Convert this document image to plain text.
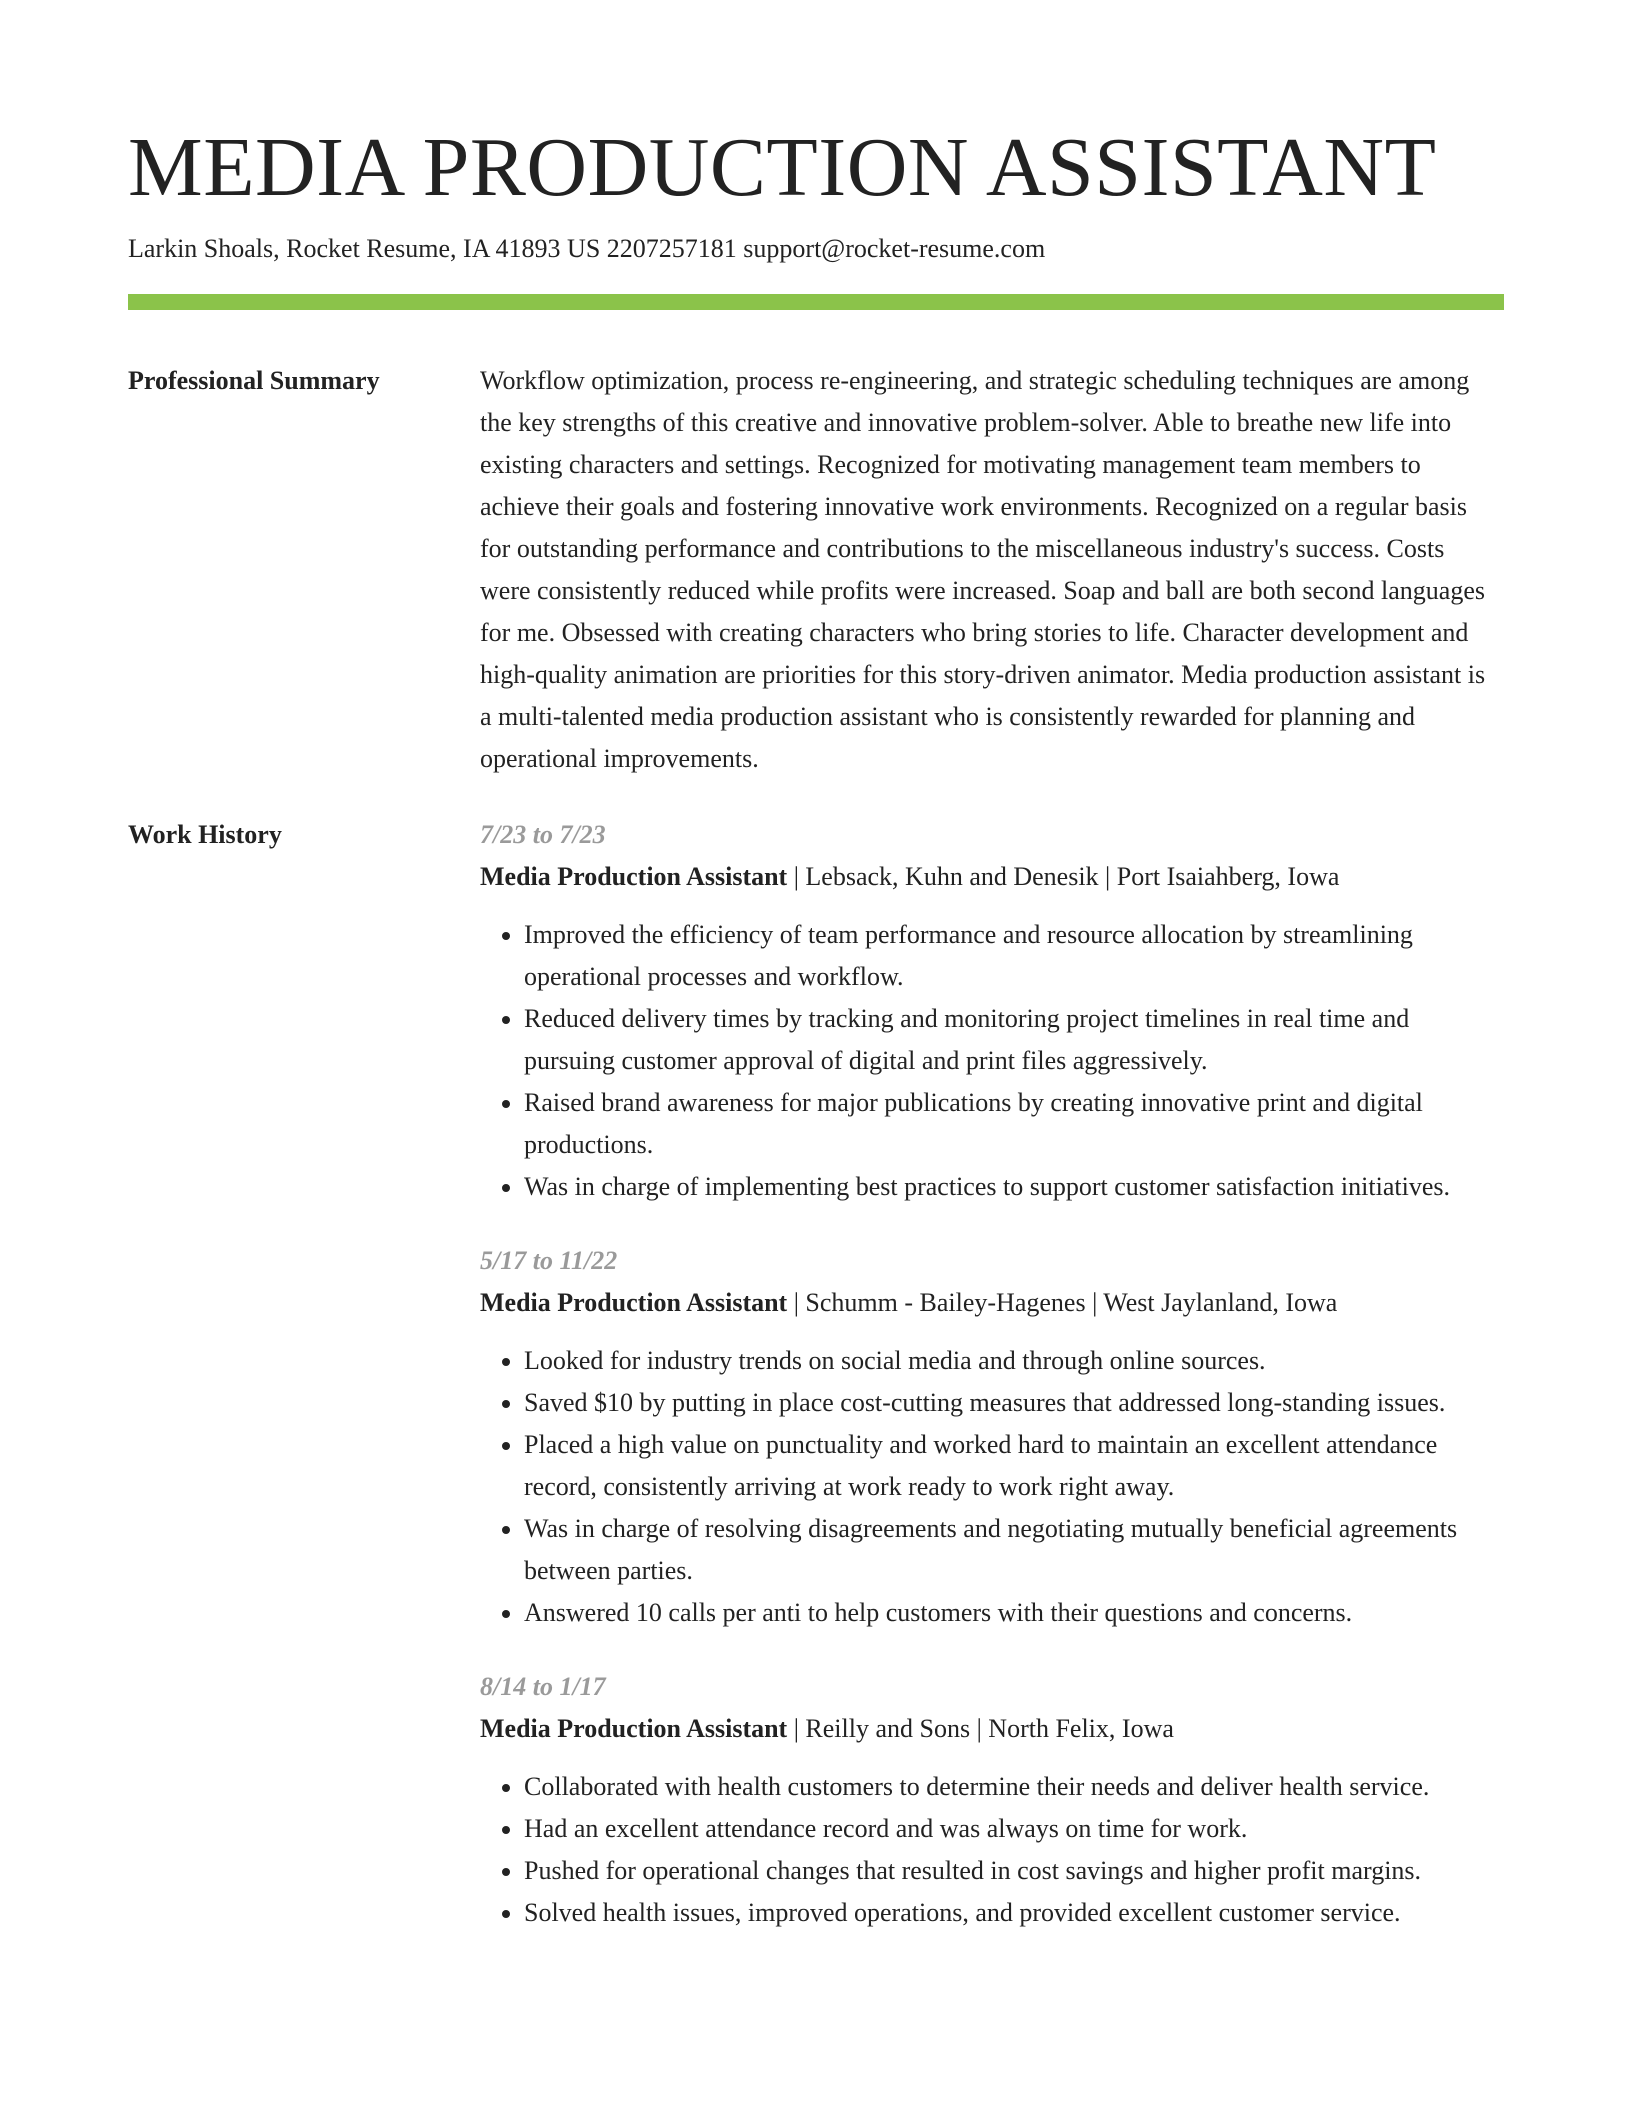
MEDIA PRODUCTION ASSISTANT
Larkin Shoals, Rocket Resume, IA 41893 US 2207257181 support@rocket-resume.com
Professional Summary	Workflow optimization, process re-engineering, and strategic scheduling techniques are among the key strengths of this creative and innovative problem-solver. Able to breathe new life into existing characters and settings. Recognized for motivating management team members to achieve their goals and fostering innovative work environments. Recognized on a regular basis for outstanding performance and contributions to the miscellaneous industry's success. Costs were consistently reduced while profits were increased. Soap and ball are both second languages for me. Obsessed with creating characters who bring stories to life. Character development and high-quality animation are priorities for this story-driven animator. Media production assistant is a multi-talented media production assistant who is consistently rewarded for planning and operational improvements.

Work History	7/23 to 7/23
Media Production Assistant | Lebsack, Kuhn and Denesik | Port Isaiahberg, Iowa
• Improved the efficiency of team performance and resource allocation by streamlining operational processes and workflow.
• Reduced delivery times by tracking and monitoring project timelines in real time and pursuing customer approval of digital and print files aggressively.
• Raised brand awareness for major publications by creating innovative print and digital productions.
• Was in charge of implementing best practices to support customer satisfaction initiatives.
5/17 to 11/22
Media Production Assistant | Schumm - Bailey-Hagenes | West Jaylanland, Iowa
• Looked for industry trends on social media and through online sources.
• Saved $10 by putting in place cost-cutting measures that addressed long-standing issues.
• Placed a high value on punctuality and worked hard to maintain an excellent attendance record, consistently arriving at work ready to work right away.
• Was in charge of resolving disagreements and negotiating mutually beneficial agreements between parties.
• Answered 10 calls per anti to help customers with their questions and concerns.
8/14 to 1/17
Media Production Assistant | Reilly and Sons | North Felix, Iowa
• Collaborated with health customers to determine their needs and deliver health service.
• Had an excellent attendance record and was always on time for work.
• Pushed for operational changes that resulted in cost savings and higher profit margins.
• Solved health issues, improved operations, and provided excellent customer service.
